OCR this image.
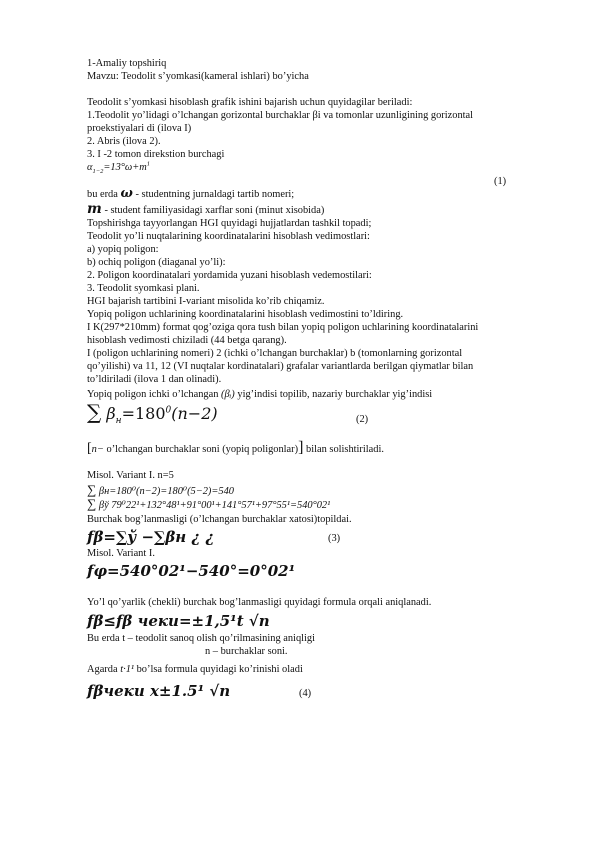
1-Amaliy topshiriq
Mavzu: Teodolit s’yomkasi(kameral ishlari) bo’yicha
Teodolit s’yomkasi hisoblash grafik ishini bajarish uchun quyidagilar beriladi:
1.Teodolit yo’lidagi o’lchangan gorizontal burchaklar βi va tomonlar uzunligining gorizontal
proekstiyalari di (ilova I)
2. Abris (ilova 2).
3. I -2 tomon direkstion burchagi
$\alpha_{1-2}=13^\circ\omega+m^1$
(1)
bu erda ω - studentning jurnaldagi tartib nomeri;
m - student familiyasidagi xarflar soni (minut xisobida)
Topshirishga tayyorlangan HGI quyidagi hujjatlardan tashkil topadi;
Teodolit yo’li nuqtalarining koordinatalarini hisoblash vedimostlari:
a) yopiq poligon:
b) ochiq poligon (diaganal yo’li):
2. Poligon koordinatalari yordamida yuzani hisoblash vedemostilari:
3. Teodolit syomkasi plani.
HGI bajarish tartibini I-variant misolida ko’rib chiqamiz.
Yopiq poligon uchlarining koordinatalarini hisoblash vedimostini to’ldiring.
I K(297*210mm) format qog’oziga qora tush bilan yopiq poligon uchlarining koordinatalarini
hisoblash vedimosti chiziladi (44 betga qarang).
I (poligon uchlarining nomeri) 2 (ichki o’lchangan burchaklar) b (tomonlarning gorizontal
qo’yilishi) va 11, 12 (VI nuqtalar kordinatalari) grafalar variantlarda berilgan qiymatlar bilan
to’ldiriladi (ilova 1 dan olinadi).
Yopiq poligon ichki o’lchangan (βᵢ) yig’indisi topilib, nazariy burchaklar yig’indisi
∑ $\beta_н=180^0(n-2)$	(2)
[n− o’lchangan burchaklar soni (yopiq poligonlar)] bilan solishtiriladi.
Misol. Variant I. n=5
∑ βн=180⁰(n−2)=180⁰(5−2)=540
∑ βў 79⁰22¹+132°48¹+91°00¹+141°57¹+97°55¹=540°02¹
Burchak bog’lanmasligi (o’lchangan burchaklar xatosi)topildai.
fβ=∑ў −∑βн ¿ ¿	(3)
Misol. Variant I.
fφ=540°02¹−540°=0°02¹
Yo’l qo’yarlik (chekli) burchak bog’lanmasligi quyidagi formula orqali aniqlanadi.
fβ≤fβ чеки=±1,5¹t √n
Bu erda t – teodolit sanoq olish qo’rilmasining aniqligi
n – burchaklar soni.
Agarda t·1¹ bo’lsa formula quyidagi ko’rinishi oladi
fβчеки x±1.5¹ √n	(4)
